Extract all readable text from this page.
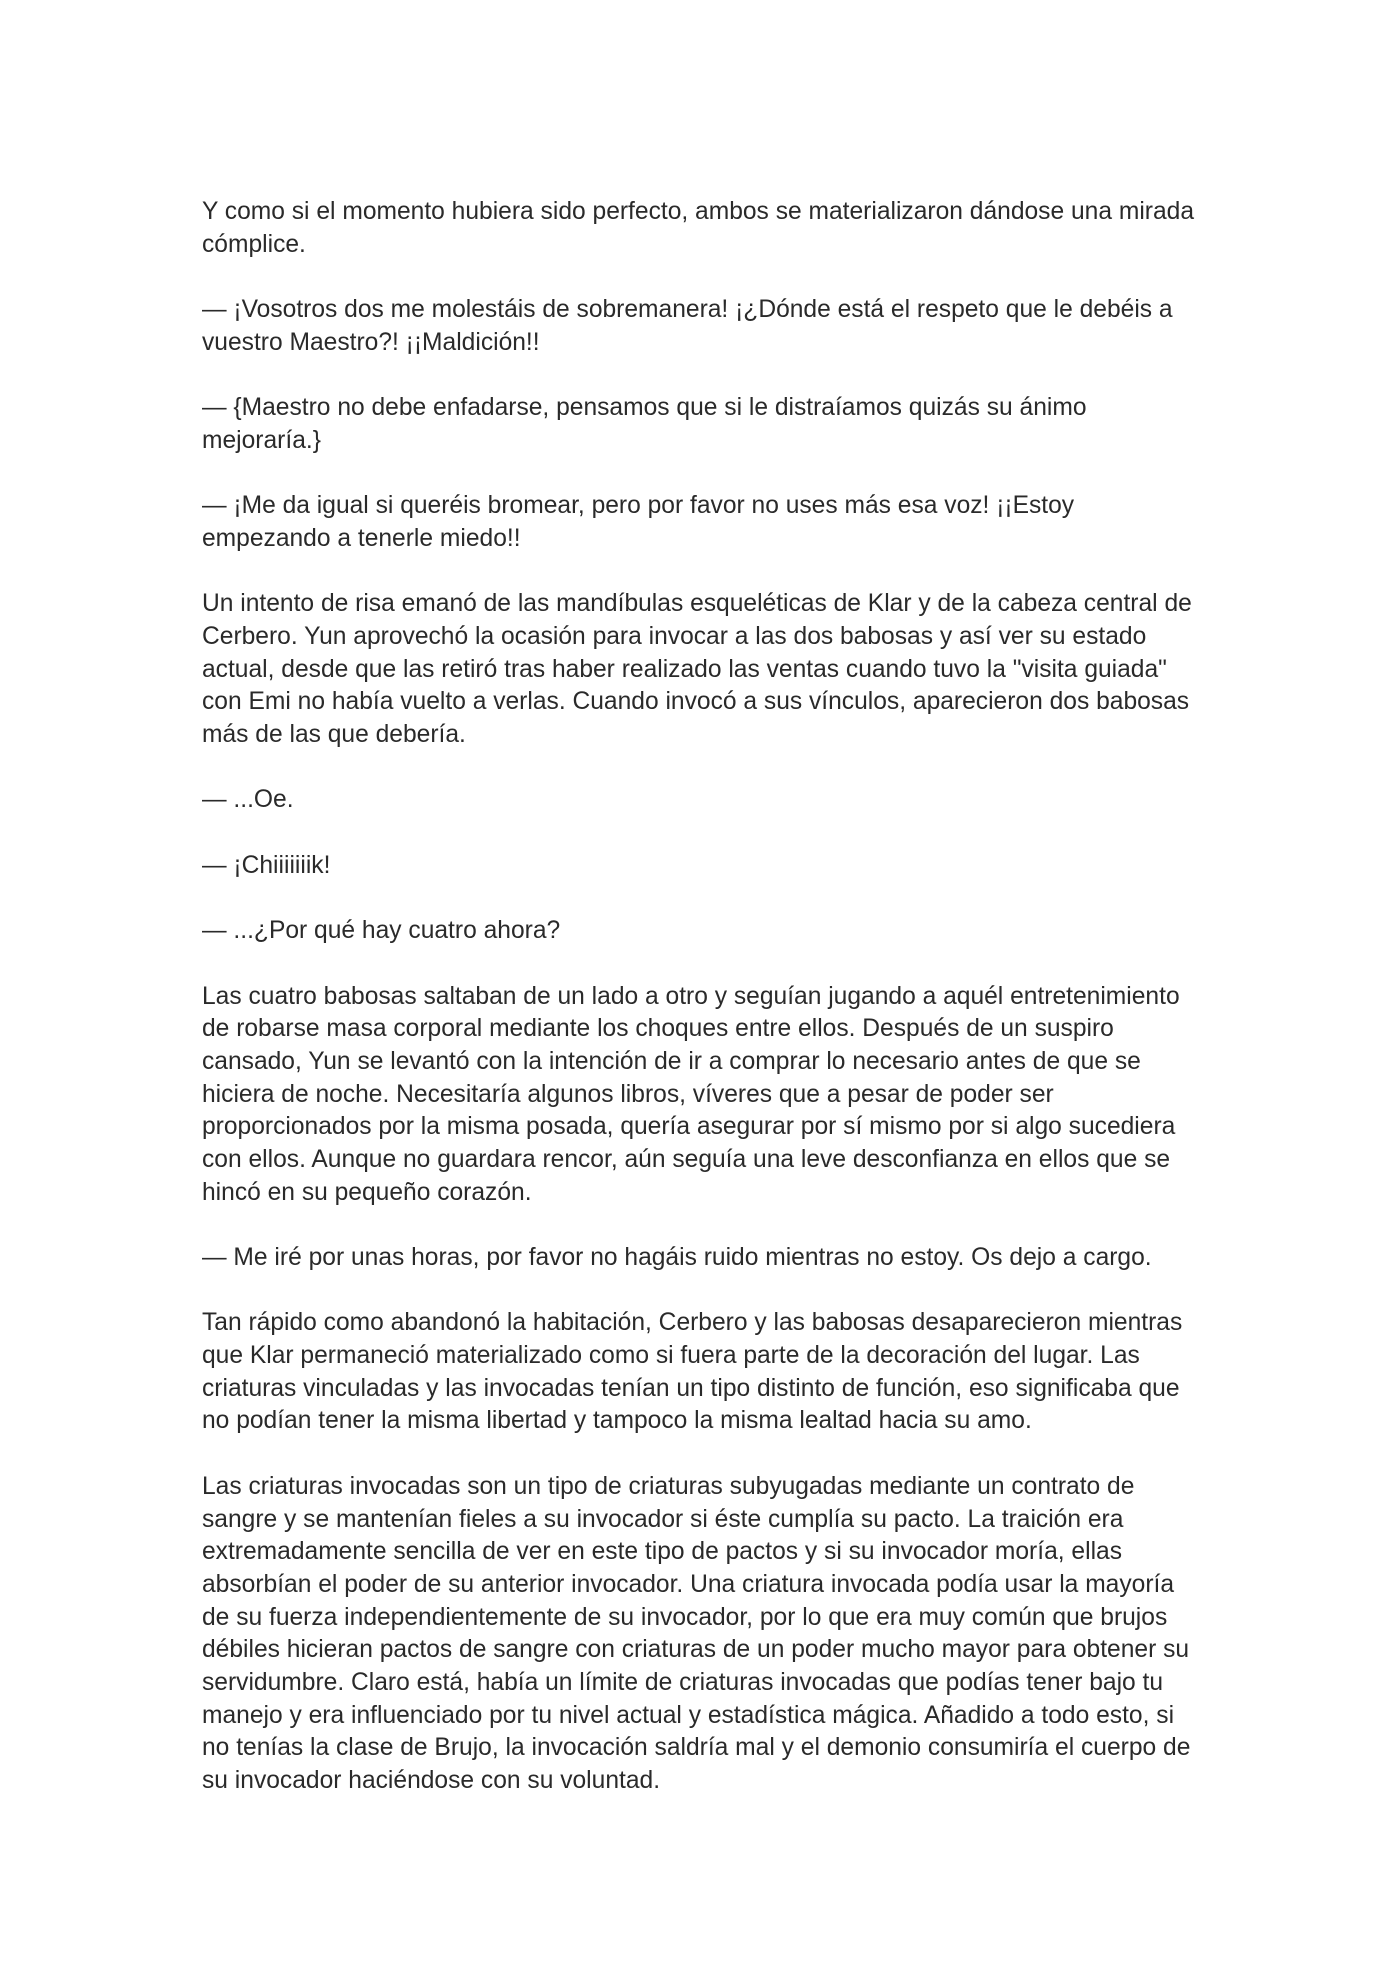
Y como si el momento hubiera sido perfecto, ambos se materializaron dándose una mirada
cómplice.
— ¡Vosotros dos me molestáis de sobremanera! ¡¿Dónde está el respeto que le debéis a
vuestro Maestro?! ¡¡Maldición!!
— {Maestro no debe enfadarse, pensamos que si le distraíamos quizás su ánimo
mejoraría.}
— ¡Me da igual si queréis bromear, pero por favor no uses más esa voz! ¡¡Estoy
empezando a tenerle miedo!!
Un intento de risa emanó de las mandíbulas esqueléticas de Klar y de la cabeza central de
Cerbero. Yun aprovechó la ocasión para invocar a las dos babosas y así ver su estado
actual, desde que las retiró tras haber realizado las ventas cuando tuvo la "visita guiada"
con Emi no había vuelto a verlas. Cuando invocó a sus vínculos, aparecieron dos babosas
más de las que debería.
— ...Oe.
— ¡Chiiiiiiik!
— ...¿Por qué hay cuatro ahora?
Las cuatro babosas saltaban de un lado a otro y seguían jugando a aquél entretenimiento
de robarse masa corporal mediante los choques entre ellos. Después de un suspiro
cansado, Yun se levantó con la intención de ir a comprar lo necesario antes de que se
hiciera de noche. Necesitaría algunos libros, víveres que a pesar de poder ser
proporcionados por la misma posada, quería asegurar por sí mismo por si algo sucediera
con ellos. Aunque no guardara rencor, aún seguía una leve desconfianza en ellos que se
hincó en su pequeño corazón.
— Me iré por unas horas, por favor no hagáis ruido mientras no estoy. Os dejo a cargo.
Tan rápido como abandonó la habitación, Cerbero y las babosas desaparecieron mientras
que Klar permaneció materializado como si fuera parte de la decoración del lugar. Las
criaturas vinculadas y las invocadas tenían un tipo distinto de función, eso significaba que
no podían tener la misma libertad y tampoco la misma lealtad hacia su amo.
Las criaturas invocadas son un tipo de criaturas subyugadas mediante un contrato de
sangre y se mantenían fieles a su invocador si éste cumplía su pacto. La traición era
extremadamente sencilla de ver en este tipo de pactos y si su invocador moría, ellas
absorbían el poder de su anterior invocador. Una criatura invocada podía usar la mayoría
de su fuerza independientemente de su invocador, por lo que era muy común que brujos
débiles hicieran pactos de sangre con criaturas de un poder mucho mayor para obtener su
servidumbre. Claro está, había un límite de criaturas invocadas que podías tener bajo tu
manejo y era influenciado por tu nivel actual y estadística mágica. Añadido a todo esto, si
no tenías la clase de Brujo, la invocación saldría mal y el demonio consumiría el cuerpo de
su invocador haciéndose con su voluntad.
